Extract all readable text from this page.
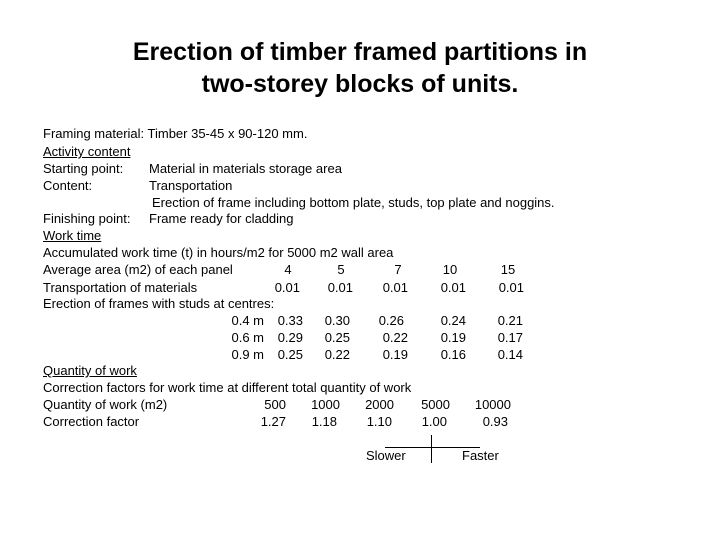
Erection of timber framed partitions in
two-storey blocks of units.
Framing material: Timber 35-45 x 90-120 mm.
Activity content
Starting point: Material in materials storage area
Content:	Transportation
Erection of frame including bottom plate, studs, top plate and noggins.
Finishing point: Frame ready for cladding
Work time
Accumulated work time (t) in hours/m2 for 5000 m2 wall area
Average area (m2) of each panel	4	5	7	10	15
Transportation of materials	0.01	0.01	0.01	0.01	0.01
Erection of frames with studs at centres:
0.4 m	0.33	0.30	0.26	0.24	0.21
0.6 m	0.29	0.25	0.22	0.19	0.17
0.9 m	0.25	0.22	0.19	0.16	0.14
Quantity of work
Correction factors for work time at different total quantity of work
Quantity of work (m2)	500	1000	2000	5000	10000
Correction factor	1.27	1.18	1.10	1.00	0.93
Slower	Faster
